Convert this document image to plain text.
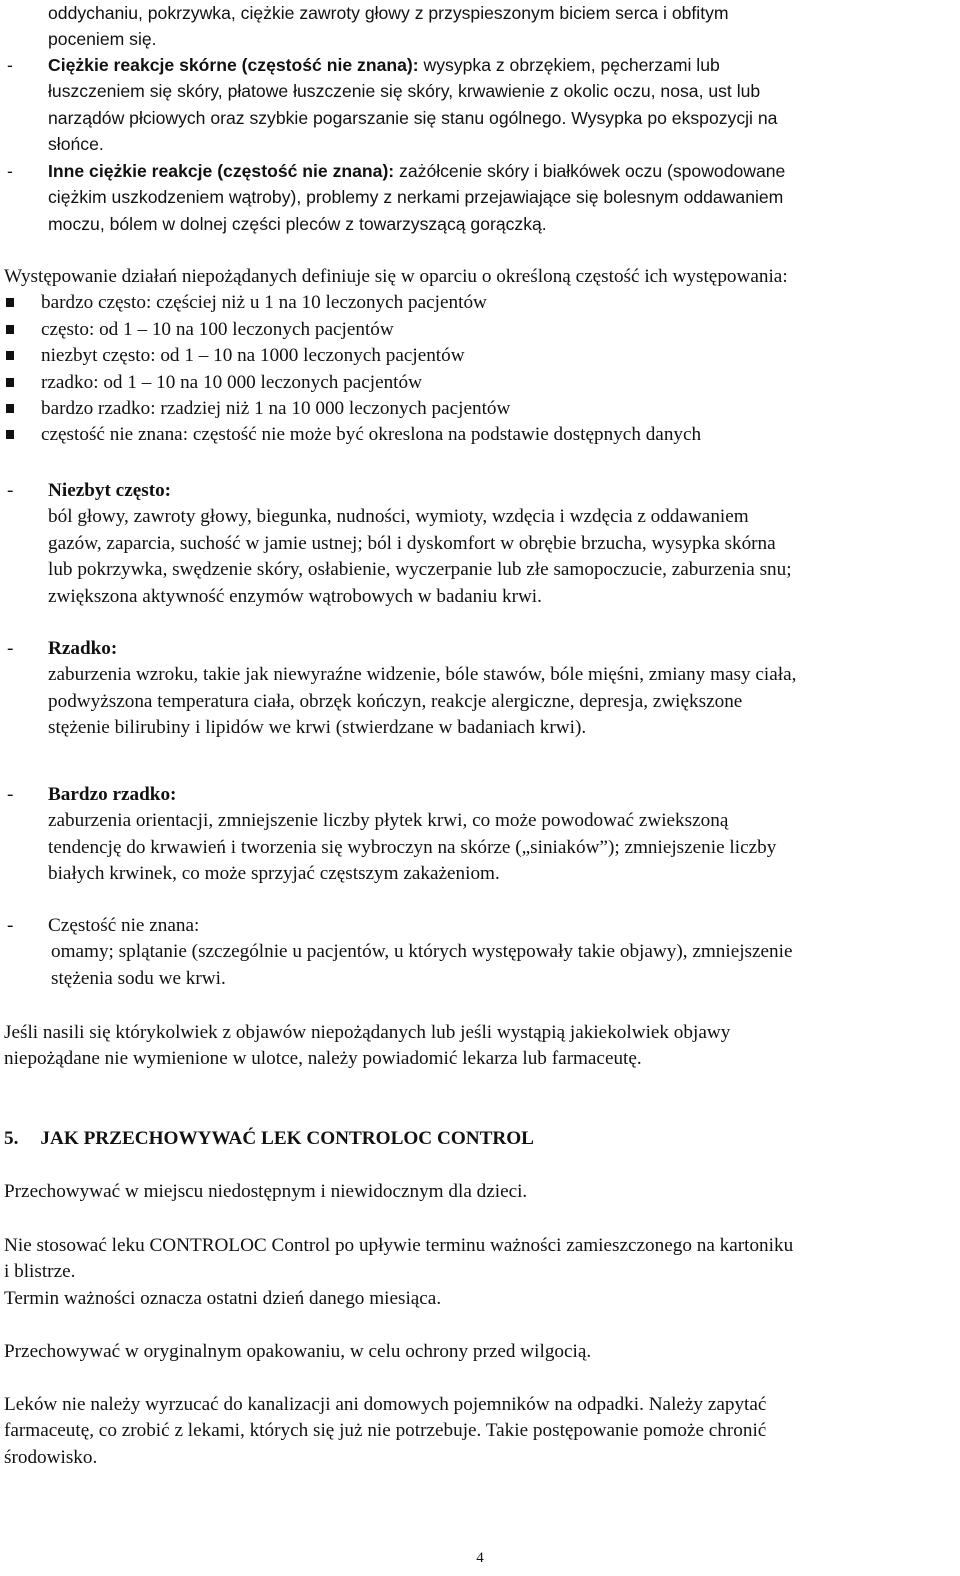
oddychaniu, pokrzywka, ciężkie zawroty głowy z przyspieszonym biciem serca i obfitym
poceniem się.
-	Ciężkie reakcje skórne (częstość nie znana): wysypka z obrzękiem, pęcherzami lub
łuszczeniem się skóry, płatowe łuszczenie się skóry, krwawienie z okolic oczu, nosa, ust lub
narządów płciowych oraz szybkie pogarszanie się stanu ogólnego. Wysypka po ekspozycji na
słońce.
-	Inne ciężkie reakcje (częstość nie znana): zażółcenie skóry i białkówek oczu (spowodowane
ciężkim uszkodzeniem wątroby), problemy z nerkami przejawiające się bolesnym oddawaniem
moczu, bólem w dolnej części pleców z towarzyszącą gorączką.
Występowanie działań niepożądanych definiuje się w oparciu o określoną częstość ich występowania:
bardzo często: częściej niż u 1 na 10 leczonych pacjentów
często: od 1 – 10 na 100 leczonych pacjentów
niezbyt często: od 1 – 10 na 1000 leczonych pacjentów
rzadko: od 1 – 10 na 10 000 leczonych pacjentów
bardzo rzadko: rzadziej niż 1 na 10 000 leczonych pacjentów
częstość nie znana: częstość nie może być okreslona na podstawie dostępnych danych
-	Niezbyt często:
ból głowy, zawroty głowy, biegunka, nudności, wymioty, wzdęcia i wzdęcia z oddawaniem
gazów, zaparcia, suchość w jamie ustnej; ból i dyskomfort w obrębie brzucha, wysypka skórna
lub pokrzywka, swędzenie skóry, osłabienie, wyczerpanie lub złe samopoczucie, zaburzenia snu;
zwiększona aktywność enzymów wątrobowych w badaniu krwi.
-	Rzadko:
zaburzenia wzroku, takie jak niewyraźne widzenie, bóle stawów, bóle mięśni, zmiany masy ciała,
podwyższona temperatura ciała, obrzęk kończyn, reakcje alergiczne, depresja, zwiększone
stężenie bilirubiny i lipidów we krwi (stwierdzane w badaniach krwi).
-	Bardzo rzadko:
zaburzenia orientacji, zmniejszenie liczby płytek krwi, co może powodować zwiekszoną
tendencję do krwawień i tworzenia się wybroczyn na skórze („siniaków”); zmniejszenie liczby
białych krwinek, co może sprzyjać częstszym zakażeniom.
-	Częstość nie znana:
omamy; splątanie (szczególnie u pacjentów, u których występowały takie objawy), zmniejszenie
stężenia sodu we krwi.
Jeśli nasili się którykolwiek z objawów niepożądanych lub jeśli wystąpią jakiekolwiek objawy
niepożądane nie wymienione w ulotce, należy powiadomić lekarza lub farmaceutę.
5. JAK PRZECHOWYWAĆ LEK CONTROLOC CONTROL
Przechowywać w miejscu niedostępnym i niewidocznym dla dzieci.
Nie stosować leku CONTROLOC Control po upływie terminu ważności zamieszczonego na kartoniku
i blistrze.
Termin ważności oznacza ostatni dzień danego miesiąca.
Przechowywać w oryginalnym opakowaniu, w celu ochrony przed wilgocią.
Leków nie należy wyrzucać do kanalizacji ani domowych pojemników na odpadki. Należy zapytać
farmaceutę, co zrobić z lekami, których się już nie potrzebuje. Takie postępowanie pomoże chronić
środowisko.
4
